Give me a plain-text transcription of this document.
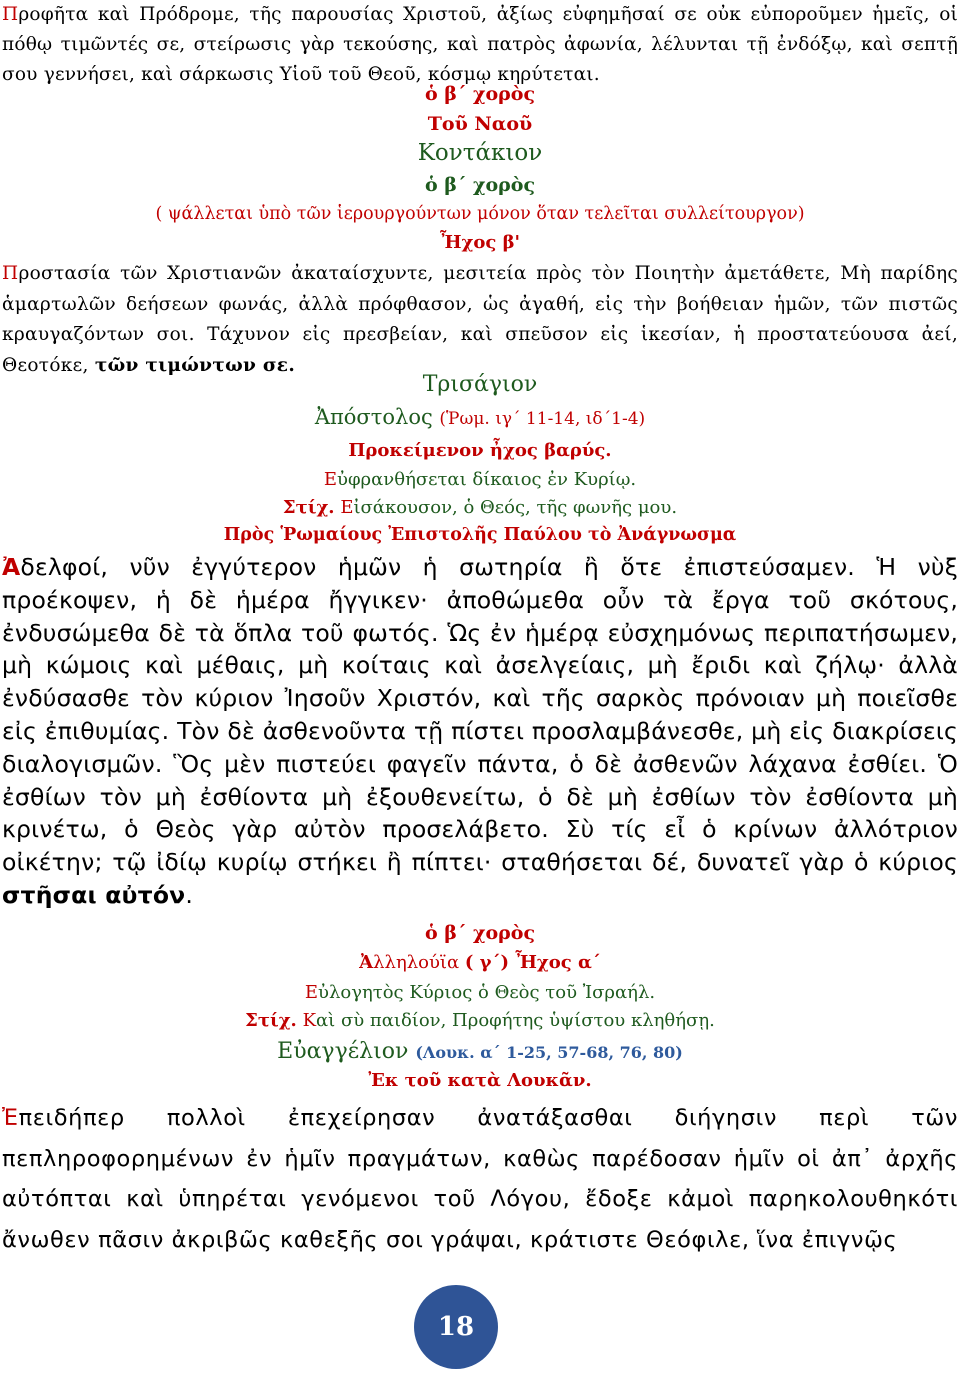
Προφῆτα καὶ Πρόδρομε, τῆς παρουσίας Χριστοῦ, ἀξίως εὐφημῆσαί σε οὐκ εὐποροῦμεν ἡμεῖς, οἱ πόθῳ τιμῶντές σε, στείρωσις γὰρ τεκούσης, καὶ πατρὸς ἀφωνία, λέλυνται τῇ ἐνδόξῳ, καὶ σεπτῇ σου γεννήσει, καὶ σάρκωσις Υἱοῦ τοῦ Θεοῦ, κόσμῳ κηρύτεται.

ὁ β΄ χορὸς
Τοῦ Ναοῦ
Κοντάκιον
ὁ β΄ χορὸς
( ψάλλεται ὑπὸ τῶν ἱερουργούντων μόνον ὅταν τελεῖται συλλείτουργον)
Ἦχος β'

Προστασία τῶν Χριστιανῶν ἀκαταίσχυντε, μεσιτεία πρὸς τὸν Ποιητὴν ἀμετάθετε, Μὴ παρίδης ἁμαρτωλῶν δεήσεων φωνάς, ἀλλὰ πρόφθασον, ὡς ἀγαθή, εἰς τὴν βοήθειαν ἡμῶν, τῶν πιστῶς κραυγαζόντων σοι. Τάχυνον εἰς πρεσβείαν, καὶ σπεῦσον εἰς ἱκεσίαν, ἡ προστατεύουσα ἀεί, Θεοτόκε, τῶν τιμώντων σε.

Τρισάγιον
Ἀπόστολος (Ῥωμ. ιγ΄ 11-14, ιδ΄1-4)
Προκείμενον ἦχος βαρύς.
Εὐφρανθήσεται δίκαιος ἐν Κυρίῳ.
Στίχ. Εἰσάκουσον, ὁ Θεός, τῆς φωνῆς μου.
Πρὸς Ῥωμαίους Ἐπιστολῆς Παύλου τὸ Ἀνάγνωσμα

Ἀδελφοί, νῦν ἐγγύτερον ἡμῶν ἡ σωτηρία ἢ ὅτε ἐπιστεύσαμεν. Ἡ νὺξ προέκοψεν, ἡ δὲ ἡμέρα ἤγγικεν· ἀποθώμεθα οὖν τὰ ἔργα τοῦ σκότους, ἐνδυσώμεθα δὲ τὰ ὅπλα τοῦ φωτός. Ὡς ἐν ἡμέρᾳ εὐσχημόνως περιπατήσωμεν, μὴ κώμοις καὶ μέθαις, μὴ κοίταις καὶ ἀσελγείαις, μὴ ἔριδι καὶ ζήλῳ· ἀλλὰ ἐνδύσασθε τὸν κύριον Ἰησοῦν Χριστόν, καὶ τῆς σαρκὸς πρόνοιαν μὴ ποιεῖσθε εἰς ἐπιθυμίας. Τὸν δὲ ἀσθενοῦντα τῇ πίστει προσλαμβάνεσθε, μὴ εἰς διακρίσεις διαλογισμῶν. Ὃς μὲν πιστεύει φαγεῖν πάντα, ὁ δὲ ἀσθενῶν λάχανα ἐσθίει. Ὁ ἐσθίων τὸν μὴ ἐσθίοντα μὴ ἐξουθενείτω, ὁ δὲ μὴ ἐσθίων τὸν ἐσθίοντα μὴ κρινέτω, ὁ Θεὸς γὰρ αὐτὸν προσελάβετο. Σὺ τίς εἶ ὁ κρίνων ἀλλότριον οἰκέτην; τῷ ἰδίῳ κυρίῳ στήκει ἢ πίπτει· σταθήσεται δέ, δυνατεῖ γὰρ ὁ κύριος στῆσαι αὐτόν.

ὁ β΄ χορὸς
Ἀλληλούϊα ( γ΄) Ἦχος α΄
Εὐλογητὸς Κύριος ὁ Θεὸς τοῦ Ἰσραήλ.
Στίχ. Καὶ σὺ παιδίον, Προφήτης ὑψίστου κληθήσῃ.
Εὐαγγέλιον (Λουκ. α΄ 1-25, 57-68, 76, 80)
Ἐκ τοῦ κατὰ Λουκᾶν.

Ἐπειδήπερ πολλοὶ ἐπεχείρησαν ἀνατάξασθαι διήγησιν περὶ τῶν πεπληροφορημένων ἐν ἡμῖν πραγμάτων, καθὼς παρέδοσαν ἡμῖν οἱ ἀπ᾿ ἀρχῆς αὐτόπται καὶ ὑπηρέται γενόμενοι τοῦ Λόγου, ἔδοξε κἀμοὶ παρηκολουθηκότι ἄνωθεν πᾶσιν ἀκριβῶς καθεξῆς σοι γράψαι, κράτιστε Θεόφιλε, ἵνα ἐπιγνῷς

18
